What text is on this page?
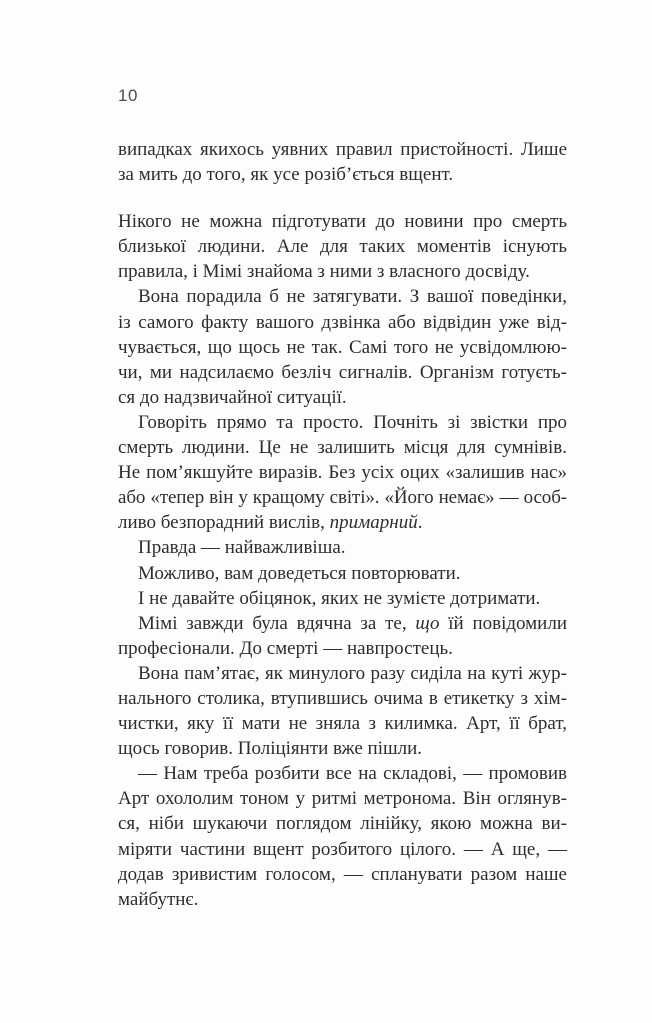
10
випадках якихось уявних правил пристойності. Лише
за мить до того, як усе розіб’ється вщент.
Нікого не можна підготувати до новини про смерть
близької людини. Але для таких моментів існують
правила, і Мімі знайома з ними з власного досвіду.
Вона порадила б не затягувати. З вашої поведінки,
із самого факту вашого дзвінка або відвідин уже від-
чувається, що щось не так. Самі того не усвідомлюю-
чи, ми надсилаємо безліч сигналів. Організм готуєть-
ся до надзвичайної ситуації.
Говоріть прямо та просто. Почніть зі звістки про
смерть людини. Це не залишить місця для сумнівів.
Не пом’якшуйте виразів. Без усіх оцих «залишив нас»
або «тепер він у кращому світі». «Його немає» — особ-
ливо безпорадний вислів, примарний.
Правда — найважливіша.
Можливо, вам доведеться повторювати.
І не давайте обіцянок, яких не зумієте дотримати.
Мімі завжди була вдячна за те, що їй повідомили
професіонали. До смерті — навпростець.
Вона пам’ятає, як минулого разу сиділа на куті жур-
нального столика, втупившись очима в етикетку з хім-
чистки, яку її мати не зняла з килимка. Арт, її брат,
щось говорив. Поліціянти вже пішли.
— Нам треба розбити все на складові, — промовив
Арт охололим тоном у ритмі метронома. Він оглянув-
ся, ніби шукаючи поглядом лінійку, якою можна ви-
міряти частини вщент розбитого цілого. — А ще, —
додав зривистим голосом, — спланувати разом наше
майбутнє.
